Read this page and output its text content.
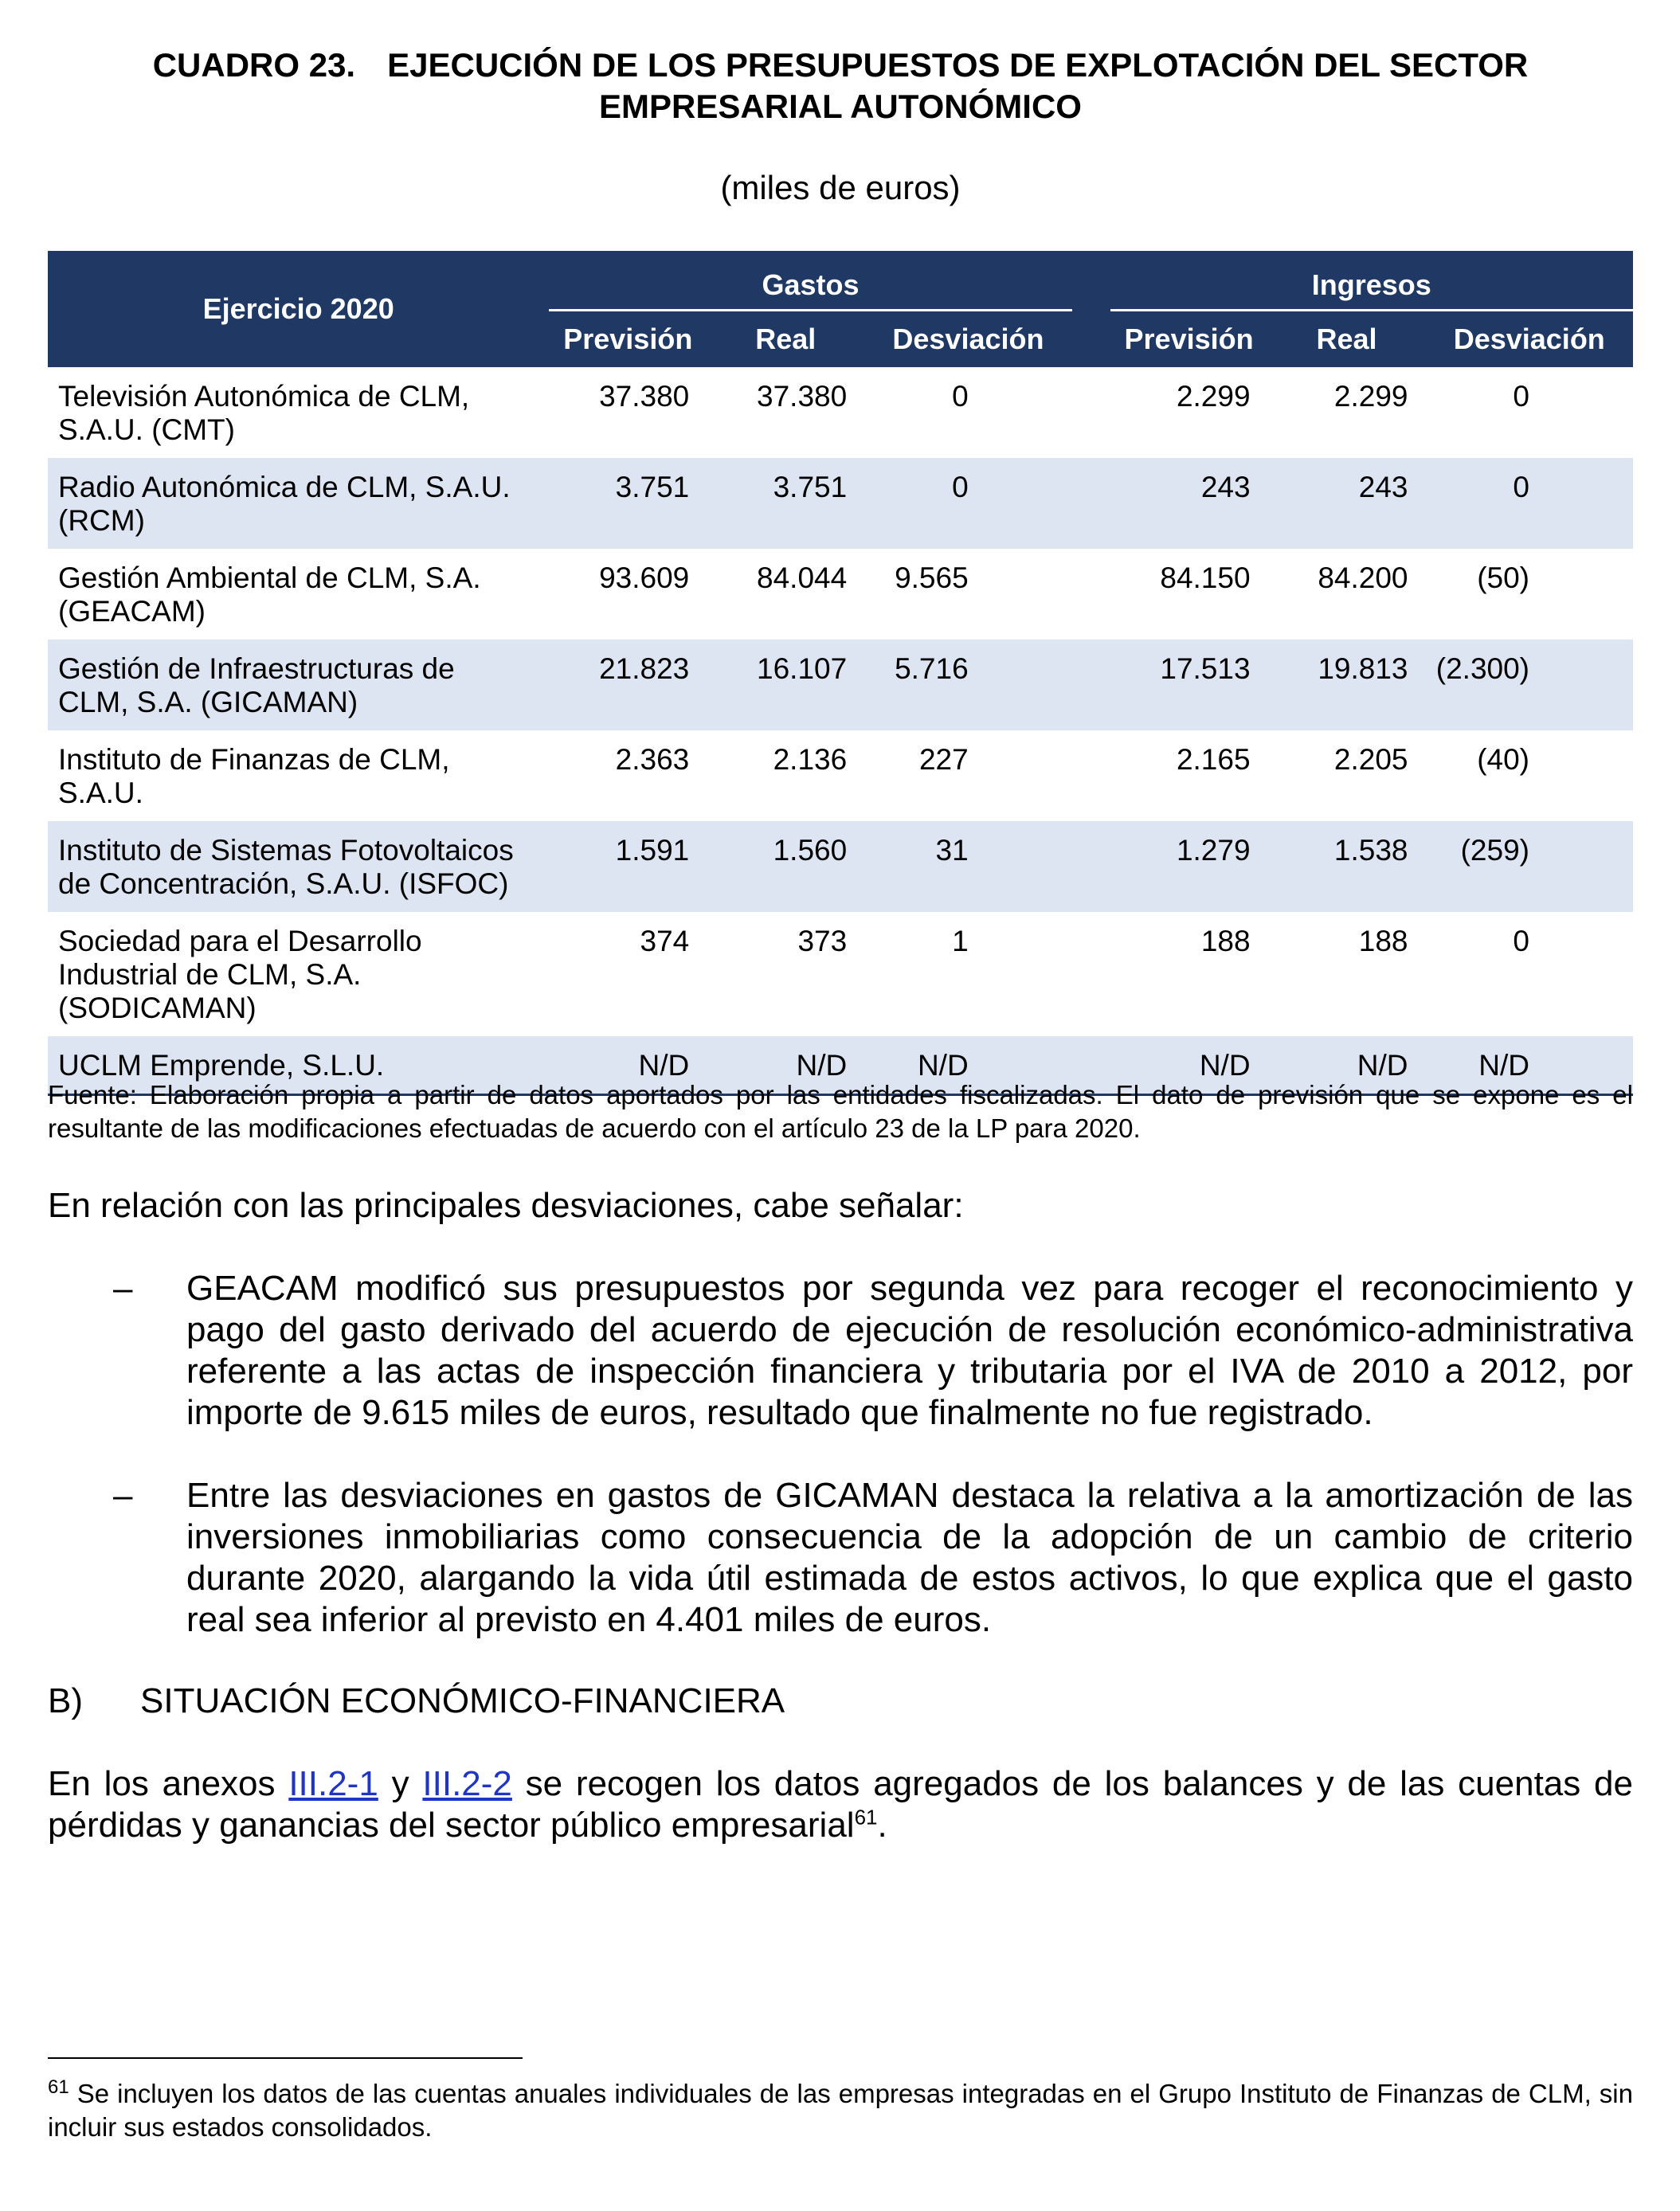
CUADRO 23. EJECUCIÓN DE LOS PRESUPUESTOS DE EXPLOTACIÓN DEL SECTOR
EMPRESARIAL AUTONÓMICO
(miles de euros)
Ejercicio 2020	Gastos				Ingresos		

	Previsión	Real	Desviación		Previsión	Real	Desviación

Televisión Autonómica de CLM,
S.A.U. (CMT)	37.380	37.380	0		2.299	2.299	0

Radio Autonómica de CLM, S.A.U.
(RCM)	3.751	3.751	0		243	243	0

Gestión Ambiental de CLM, S.A.
(GEACAM)	93.609	84.044	9.565		84.150	84.200	(50)

Gestión de Infraestructuras de
CLM, S.A. (GICAMAN)	21.823	16.107	5.716		17.513	19.813	(2.300)

Instituto de Finanzas de CLM,
S.A.U.	2.363	2.136	227		2.165	2.205	(40)

Instituto de Sistemas Fotovoltaicos
de Concentración, S.A.U. (ISFOC)	1.591	1.560	31		1.279	1.538	(259)

Sociedad para el Desarrollo
Industrial de CLM, S.A.
(SODICAMAN)	374	373	1		188	188	0

UCLM Emprende, S.L.U.	N/D	N/D	N/D		N/D	N/D	N/D
Fuente: Elaboración propia a partir de datos aportados por las entidades fiscalizadas. El dato de previsión que se expone es el resultante de las modificaciones efectuadas de acuerdo con el artículo 23 de la LP para 2020.
En relación con las principales desviaciones, cabe señalar:
– GEACAM modificó sus presupuestos por segunda vez para recoger el reconocimiento y pago del gasto derivado del acuerdo de ejecución de resolución económico-administrativa referente a las actas de inspección financiera y tributaria por el IVA de 2010 a 2012, por importe de 9.615 miles de euros, resultado que finalmente no fue registrado.
– Entre las desviaciones en gastos de GICAMAN destaca la relativa a la amortización de las inversiones inmobiliarias como consecuencia de la adopción de un cambio de criterio durante 2020, alargando la vida útil estimada de estos activos, lo que explica que el gasto real sea inferior al previsto en 4.401 miles de euros.
B) SITUACIÓN ECONÓMICO-FINANCIERA
En los anexos III.2-1 y III.2-2 se recogen los datos agregados de los balances y de las cuentas de pérdidas y ganancias del sector público empresarial$^{61}$.
$^{61}$ Se incluyen los datos de las cuentas anuales individuales de las empresas integradas en el Grupo Instituto de Finanzas de CLM, sin incluir sus estados consolidados.
